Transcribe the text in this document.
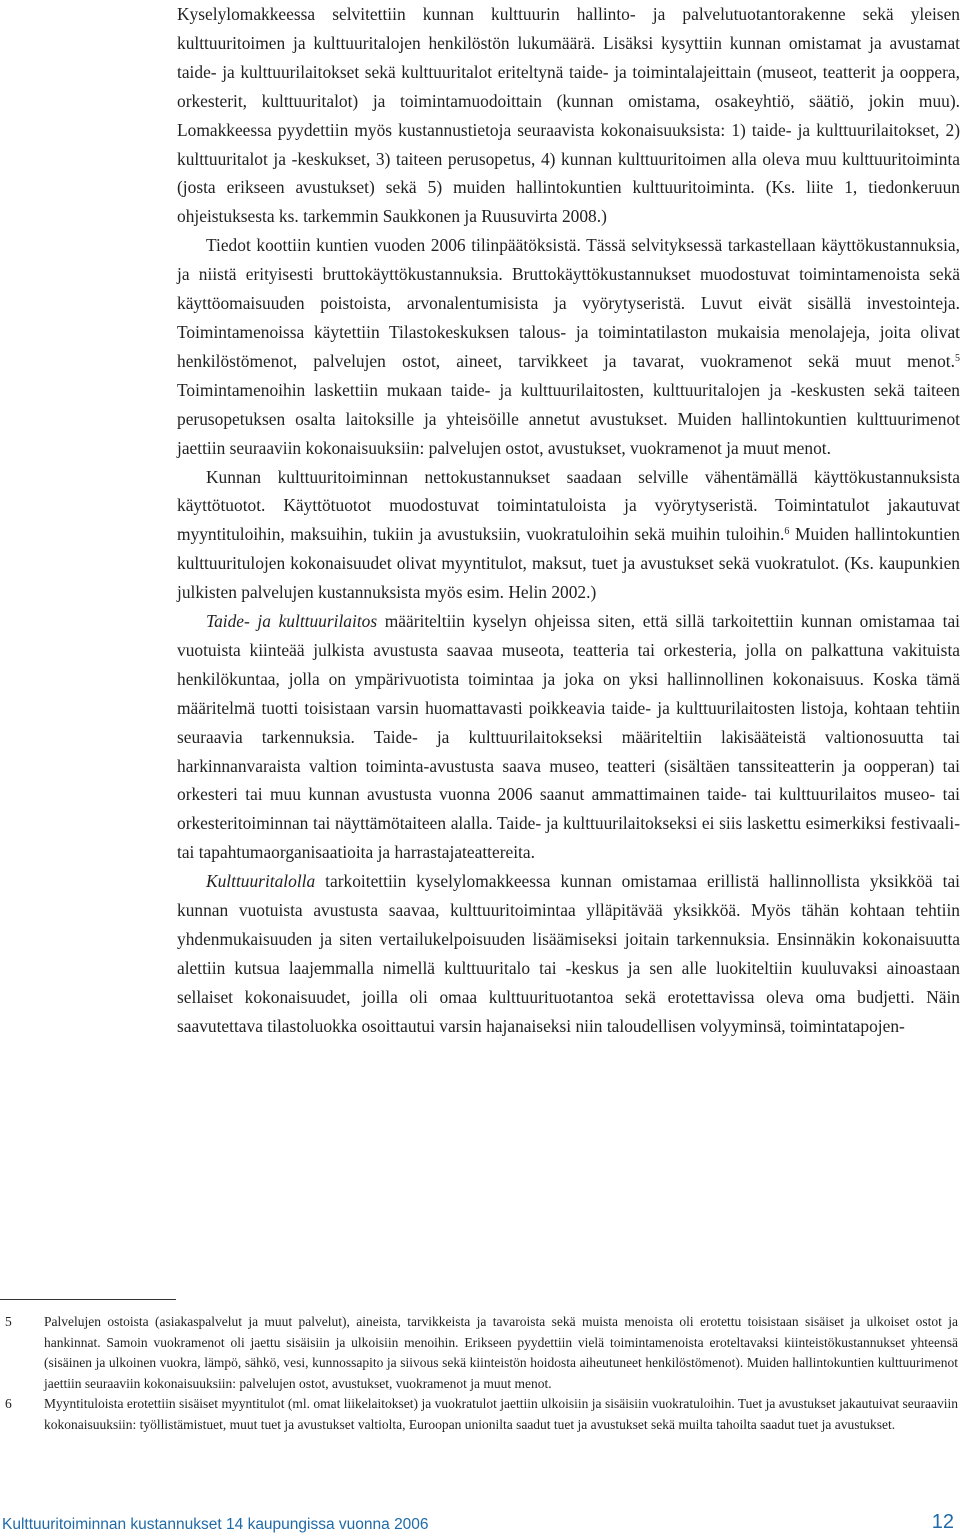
Kyselylomakkeessa selvitettiin kunnan kulttuurin hallinto- ja palvelutuotantorakenne sekä yleisen kulttuuritoimen ja kulttuuritalojen henkilöstön lukumäärä. Lisäksi kysyttiin kunnan omistamat ja avustamat taide- ja kulttuurilaitokset sekä kulttuuritalot eriteltynä taide- ja toimintalajeittain (museot, teatterit ja ooppera, orkesterit, kulttuuritalot) ja toimintamuodoittain (kunnan omistama, osakeyhtiö, säätiö, jokin muu). Lomakkeessa pyydettiin myös kustannustietoja seuraavista kokonaisuuksista: 1) taide- ja kulttuurilaitokset, 2) kulttuuritalot ja -keskukset, 3) taiteen perusopetus, 4) kunnan kulttuuritoimen alla oleva muu kulttuuritoiminta (josta erikseen avustukset) sekä 5) muiden hallintokuntien kulttuuritoiminta. (Ks. liite 1, tiedonkeruun ohjeistuksesta ks. tarkemmin Saukkonen ja Ruusuvirta 2008.)

Tiedot koottiin kuntien vuoden 2006 tilinpäätöksistä. Tässä selvityksessä tarkastellaan käyttökustannuksia, ja niistä erityisesti bruttokäyttökustannuksia. Bruttokäyttökustannukset muodostuvat toimintamenoista sekä käyttöomaisuuden poistoista, arvonalentumisista ja vyörytyseristä. Luvut eivät sisällä investointeja. Toimintamenoissa käytettiin Tilastokeskuksen talous- ja toimintatilaston mukaisia menolajeja, joita olivat henkilöstömenot, palvelujen ostot, aineet, tarvikkeet ja tavarat, vuokramenot sekä muut menot.$^5$ Toimintamenoihin laskettiin mukaan taide- ja kulttuurilaitosten, kulttuuritalojen ja -keskusten sekä taiteen perusopetuksen osalta laitoksille ja yhteisöille annetut avustukset. Muiden hallintokuntien kulttuurimenot jaettiin seuraaviin kokonaisuuksiin: palvelujen ostot, avustukset, vuokramenot ja muut menot.

Kunnan kulttuuritoiminnan nettokustannukset saadaan selville vähentämällä käyttökustannuksista käyttötuotot. Käyttötuotot muodostuvat toimintatuloista ja vyörytyseristä. Toimintatulot jakautuvat myyntituloihin, maksuihin, tukiin ja avustuksiin, vuokratuloihin sekä muihin tuloihin.$^6$ Muiden hallintokuntien kulttuuritulojen kokonaisuudet olivat myyntitulot, maksut, tuet ja avustukset sekä vuokratulot. (Ks. kaupunkien julkisten palvelujen kustannuksista myös esim. Helin 2002.)

Taide- ja kulttuurilaitos määriteltiin kyselyn ohjeissa siten, että sillä tarkoitettiin kunnan omistamaa tai vuotuista kiinteää julkista avustusta saavaa museota, teatteria tai orkesteria, jolla on palkattuna vakituista henkilökuntaa, jolla on ympärivuotista toimintaa ja joka on yksi hallinnollinen kokonaisuus. Koska tämä määritelmä tuotti toisistaan varsin huomattavasti poikkeavia taide- ja kulttuurilaitosten listoja, kohtaan tehtiin seuraavia tarkennuksia. Taide- ja kulttuurilaitokseksi määriteltiin lakisääteistä valtionosuutta tai harkinnanvaraista valtion toiminta-avustusta saava museo, teatteri (sisältäen tanssiteatterin ja oopperan) tai orkesteri tai muu kunnan avustusta vuonna 2006 saanut ammattimainen taide- tai kulttuurilaitos museo- tai orkesteritoiminnan tai näyttämötaiteen alalla. Taide- ja kulttuurilaitokseksi ei siis laskettu esimerkiksi festivaali- tai tapahtumaorganisaatioita ja harrastajateattereita.

Kulttuuritalolla tarkoitettiin kyselylomakkeessa kunnan omistamaa erillistä hallinnollista yksikköä tai kunnan vuotuista avustusta saavaa, kulttuuritoimintaa ylläpitävää yksikköä. Myös tähän kohtaan tehtiin yhdenmukaisuuden ja siten vertailukelpoisuuden lisäämiseksi joitain tarkennuksia. Ensinnäkin kokonaisuutta alettiin kutsua laajemmalla nimellä kulttuuritalo tai -keskus ja sen alle luokiteltiin kuuluvaksi ainoastaan sellaiset kokonaisuudet, joilla oli omaa kulttuurituotantoa sekä erotettavissa oleva oma budjetti. Näin saavutettava tilastoluokka osoittautui varsin hajanaiseksi niin taloudellisen volyyminsä, toimintatapojen-

5 Palvelujen ostoista (asiakaspalvelut ja muut palvelut), aineista, tarvikkeista ja tavaroista sekä muista menoista oli erotettu toisistaan sisäiset ja ulkoiset ostot ja hankinnat. Samoin vuokramenot oli jaettu sisäisiin ja ulkoisiin menoihin. Erikseen pyydettiin vielä toimintamenoista eroteltavaksi kiinteistökustannukset yhteensä (sisäinen ja ulkoinen vuokra, lämpö, sähkö, vesi, kunnossapito ja siivous sekä kiinteistön hoidosta aiheutuneet henkilöstömenot). Muiden hallintokuntien kulttuurimenot jaettiin seuraaviin kokonaisuuksiin: palvelujen ostot, avustukset, vuokramenot ja muut menot.
6 Myyntituloista erotettiin sisäiset myyntitulot (ml. omat liikelaitokset) ja vuokratulot jaettiin ulkoisiin ja sisäisiin vuokratuloihin. Tuet ja avustukset jakautuivat seuraaviin kokonaisuuksiin: työllistämistuet, muut tuet ja avustukset valtiolta, Euroopan unionilta saadut tuet ja avustukset sekä muilta tahoilta saadut tuet ja avustukset.
Kulttuuritoiminnan kustannukset 14 kaupungissa vuonna 2006	12
